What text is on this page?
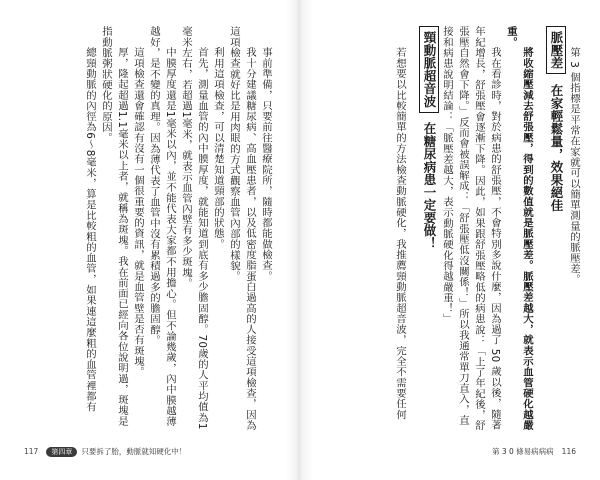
第 3 個指標是平常在家就可以簡單測量的脈壓差。

脈壓差 在家輕鬆量，效果絕佳

將收縮壓減去舒張壓，得到的數值就是脈壓差。脈壓差越大，就表示血管硬化越嚴重。

我在看診時，對於病患的舒張壓，不會特別多說什麼，因為過了 50 歲以後，隨著年紀增長，舒張壓會逐漸下降。因此，如果跟舒張壓略低的病患說：「上了年紀後，舒張壓自然會下降。」反而會被誤解成：「舒張壓低沒關係！」所以我通常單刀直入，直接和病患說明結論：「脈壓差越大，表示動脈硬化得越嚴重！」

頸動脈超音波 在糖尿病患一定要做！

若想要以比較簡單的方法檢查動脈硬化，我推薦頸動脈超音波，完全不需要任何

第 3 0 條易病病病 116

事前準備，只要前往醫療院所，隨時都能做檢查。

我十分建議糖尿病、高血壓患者，以及低密度脂蛋白過高的人接受這項檢查，因為這項檢查就好比是用肉眼的方式觀察血管內部的樣貌。

利用這項檢查，可以清楚知道頸部的狀態。

首先，測量血管的內中膜厚度，就能知道到底有多少膽固醇。70歲的人平均值為1毫米左右，若超過1毫米，就表示血管內壁有多少斑塊。

中膜厚度還是1毫米以內，並不能代表大家都不用擔心。但不論幾歲，內中膜越薄越好，是不變的真理。因為薄代表了血管中沒有累積過多的膽固醇。

這項檢查還會確認有沒有一個很重要的資訊，就是血管壁是否有斑塊。

厚，隆起超過1.1毫米以上者，就稱為斑塊。我在前面已經向各位說明過，斑塊是指動脈粥狀硬化的原因。

總頸動脈的內徑為6～8毫米，算是比較粗的血管，如果連這麼粗的血管裡都有

117	第四章	只要拆了胎，動脈就知硬化中！
